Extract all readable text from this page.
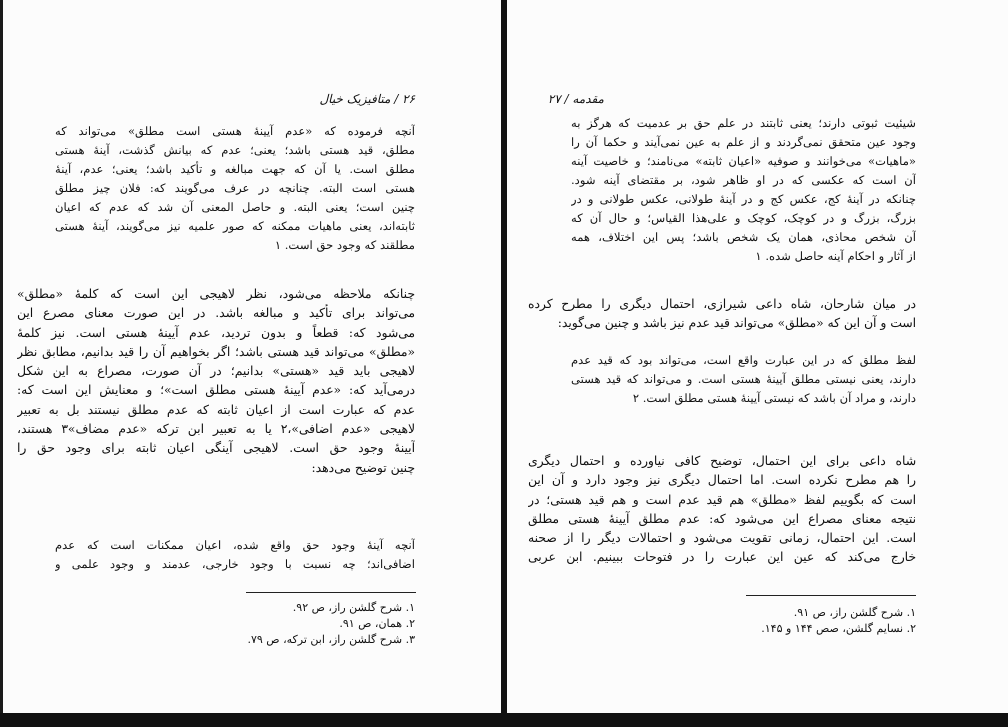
۲۶ / متافیزیک خیال
آنچه فرموده که «عدم آیینهٔ هستی است مطلق» می‌تواند که
مطلق، قید هستی باشد؛ یعنی؛ عدم که بیانش گذشت، آینهٔ هستی
مطلق است. یا آن که جهت مبالغه و تأکید باشد؛ یعنی؛ عدم، آینهٔ
هستی است البته. چنانچه در عرف می‌گویند که: فلان چیز مطلق
چنین است؛ یعنی البته. و حاصل المعنی آن شد که عدم که اعیان
ثابته‌اند، یعنی ماهیات ممکنه که صور علمیه نیز می‌گویند، آینهٔ هستی
مطلقند که وجود حق است. ۱
چنانکه ملاحظه می‌شود، نظر لاهیجی این است که کلمهٔ «مطلق»
می‌تواند برای تأکید و مبالغه باشد. در این صورت معنای مصرع این
می‌شود که: قطعاً و بدون تردید، عدم آیینهٔ هستی است. نیز کلمهٔ
«مطلق» می‌تواند قید هستی باشد؛ اگر بخواهیم آن را قید بدانیم، مطابق نظر
لاهیجی باید قید «هستی» بدانیم؛ در آن صورت، مصراع به این شکل
درمی‌آید که: «عدم آیینهٔ هستی مطلق است»؛ و معنایش این است که:
عدم که عبارت است از اعیان ثابته که عدم مطلق نیستند بل به تعبیر
لاهیجی «عدم اضافی»،۲ یا به تعبیر ابن ترکه «عدم مضاف»۳ هستند،
آیینهٔ وجود حق است. لاهیجی آینگی اعیان ثابته برای وجود حق را
چنین توضیح می‌دهد:
آنچه آینهٔ وجود حق واقع شده، اعیان ممکنات است که عدم
اضافی‌اند؛ چه نسبت با وجود خارجی، عدمند و وجود علمی و
۱. شرح گلشن راز، ص ۹۲.
۲. همان، ص ۹۱.
۳. شرح گلشن راز، ابن ترکه، ص ۷۹.
مقدمه / ۲۷
شیئیت ثبوتی دارند؛ یعنی ثابتند در علم حق بر عدمیت که هرگز به
وجود عین متحقق نمی‌گردند و از علم به عین نمی‌آیند و حکما آن را
«ماهیات» می‌خوانند و صوفیه «اعیان ثابته» می‌نامند؛ و خاصیت آینه
آن است که عکسی که در او ظاهر شود، بر مقتضای آینه شود.
چنانکه در آینهٔ کج، عکس کج و در آینهٔ طولانی، عکس طولانی و در
بزرگ، بزرگ و در کوچک، کوچک و علی‌هذا القیاس؛ و حال آن که
آن شخص محاذی، همان یک شخص باشد؛ پس این اختلاف، همه
از آثار و احکام آینه حاصل شده. ۱
در میان شارحان، شاه داعی شیرازی، احتمال دیگری را مطرح کرده
است و آن این که «مطلق» می‌تواند قید عدم نیز باشد و چنین می‌گوید:
لفظ مطلق که در این عبارت واقع است، می‌تواند بود که قید عدم
دارند، یعنی نیستی مطلق آیینهٔ هستی است. و می‌تواند که قید هستی
دارند، و مراد آن باشد که نیستی آیینهٔ هستی مطلق است. ۲
شاه داعی برای این احتمال، توضیح کافی نیاورده و احتمال دیگری
را هم مطرح نکرده است. اما احتمال دیگری نیز وجود دارد و آن این
است که بگوییم لفظ «مطلق» هم قید عدم است و هم قید هستی؛ در
نتیجه معنای مصراع این می‌شود که: عدم مطلق آیینهٔ هستی مطلق
است. این احتمال، زمانی تقویت می‌شود و احتمالات دیگر را از صحنه
خارج می‌کند که عین این عبارت را در فتوحات ببینیم. ابن عربی
۱. شرح گلشن راز، ص ۹۱.
۲. نسایم گلشن، صص ۱۴۴ و ۱۴۵.
